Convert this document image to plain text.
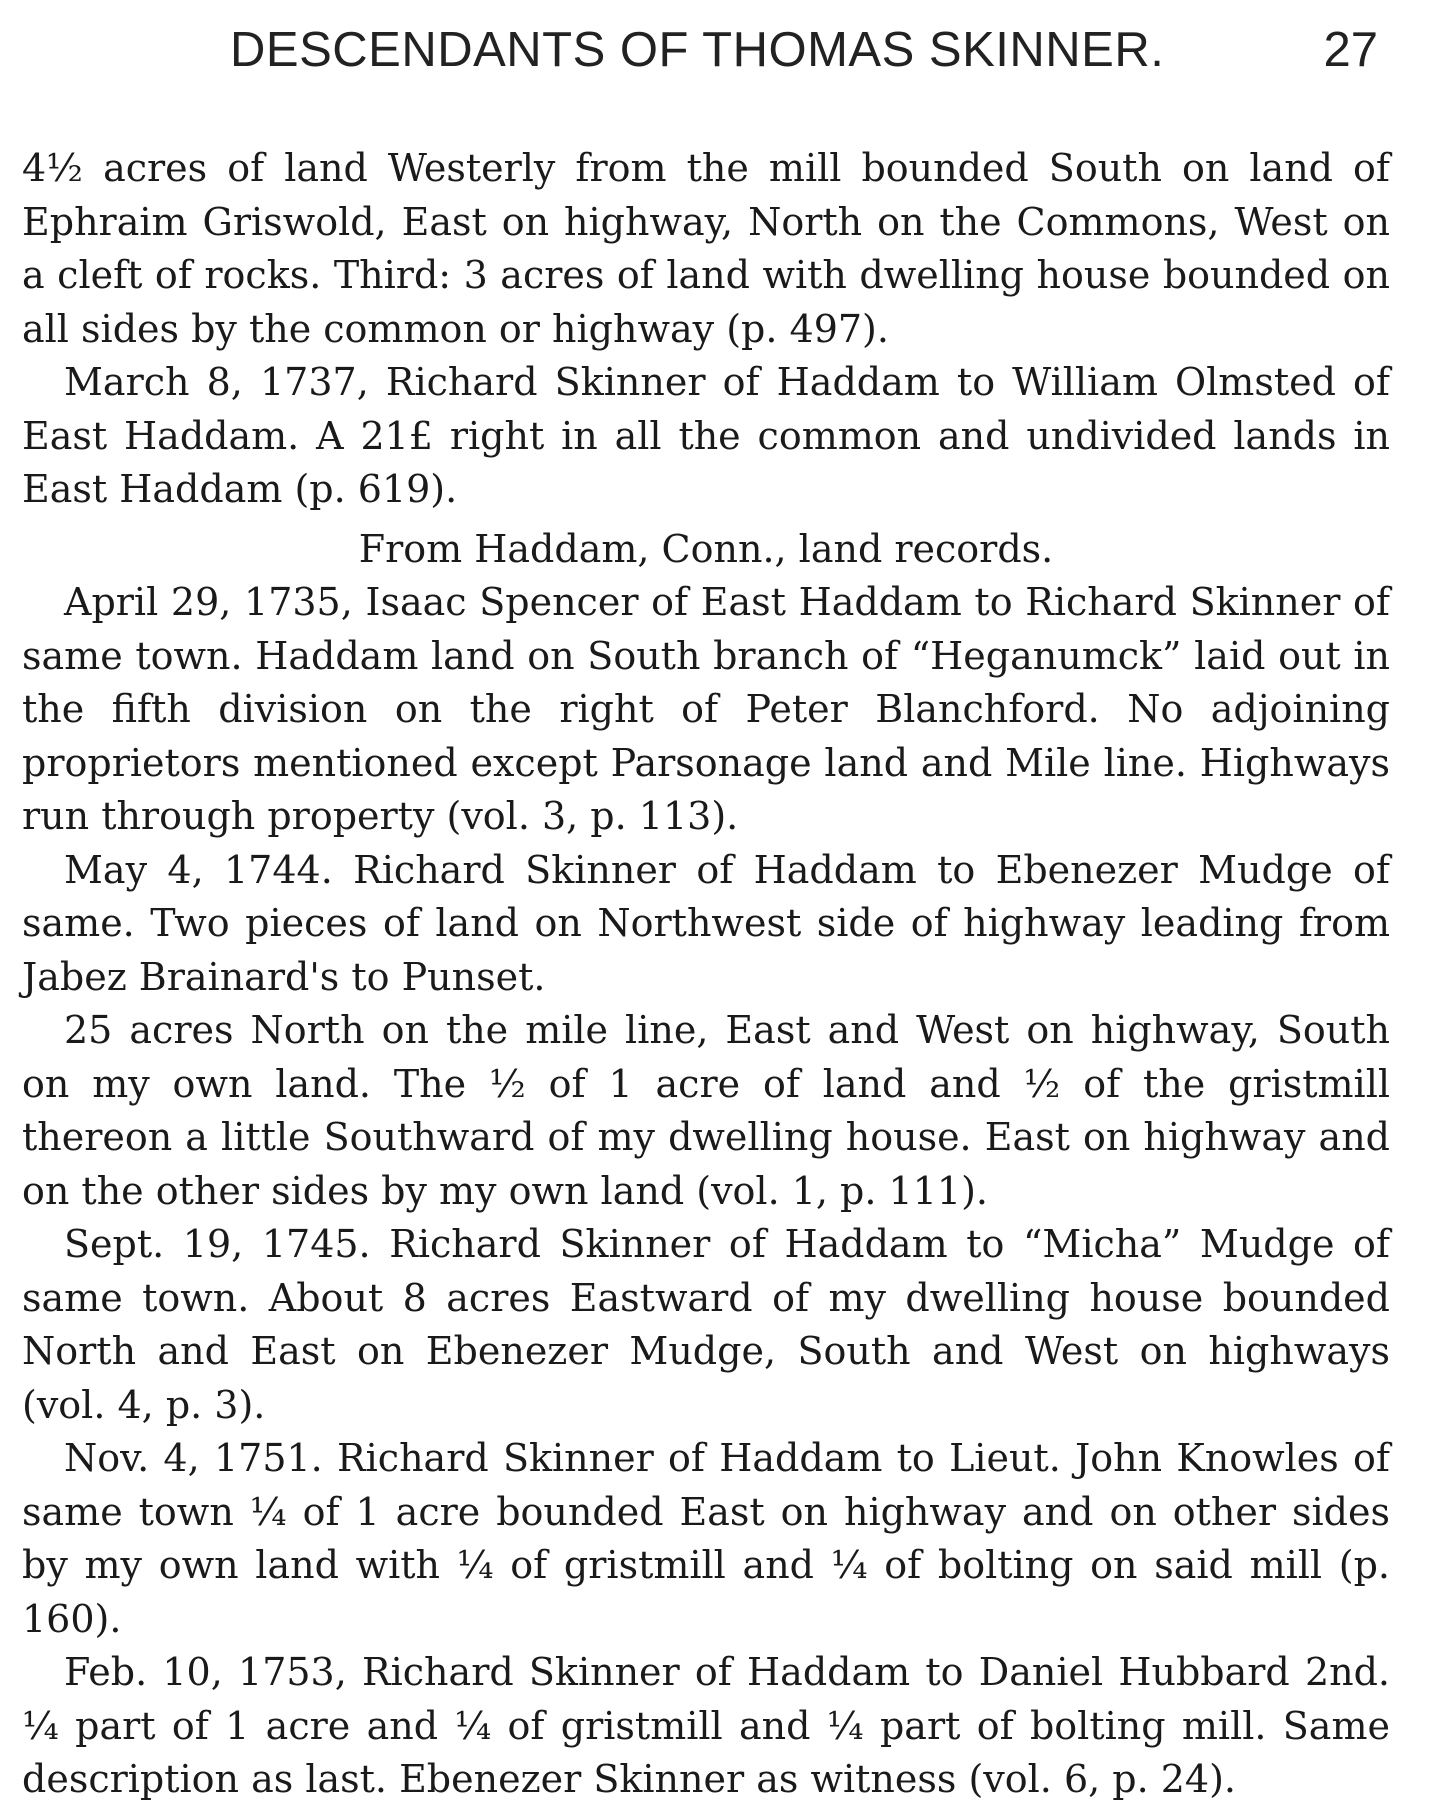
DESCENDANTS OF THOMAS SKINNER.	27

4½ acres of land Westerly from the mill bounded South on land of Ephraim Griswold, East on highway, North on the Commons, West on a cleft of rocks. Third: 3 acres of land with dwelling house bounded on all sides by the common or highway (p. 497).

March 8, 1737, Richard Skinner of Haddam to William Olmsted of East Haddam. A 21£ right in all the common and undivided lands in East Haddam (p. 619).

From Haddam, Conn., land records.

April 29, 1735, Isaac Spencer of East Haddam to Richard Skinner of same town. Haddam land on South branch of “Heganumck” laid out in the fifth division on the right of Peter Blanchford. No adjoining proprietors mentioned except Parsonage land and Mile line. Highways run through property (vol. 3, p. 113).

May 4, 1744. Richard Skinner of Haddam to Ebenezer Mudge of same. Two pieces of land on Northwest side of highway leading from Jabez Brainard's to Punset.

25 acres North on the mile line, East and West on highway, South on my own land. The ½ of 1 acre of land and ½ of the gristmill thereon a little Southward of my dwelling house. East on highway and on the other sides by my own land (vol. 1, p. 111).

Sept. 19, 1745. Richard Skinner of Haddam to “Micha” Mudge of same town. About 8 acres Eastward of my dwelling house bounded North and East on Ebenezer Mudge, South and West on highways (vol. 4, p. 3).

Nov. 4, 1751. Richard Skinner of Haddam to Lieut. John Knowles of same town ¼ of 1 acre bounded East on highway and on other sides by my own land with ¼ of gristmill and ¼ of bolting on said mill (p. 160).

Feb. 10, 1753, Richard Skinner of Haddam to Daniel Hubbard 2nd. ¼ part of 1 acre and ¼ of gristmill and ¼ part of bolting mill. Same description as last. Ebenezer Skinner as witness (vol. 6, p. 24).
